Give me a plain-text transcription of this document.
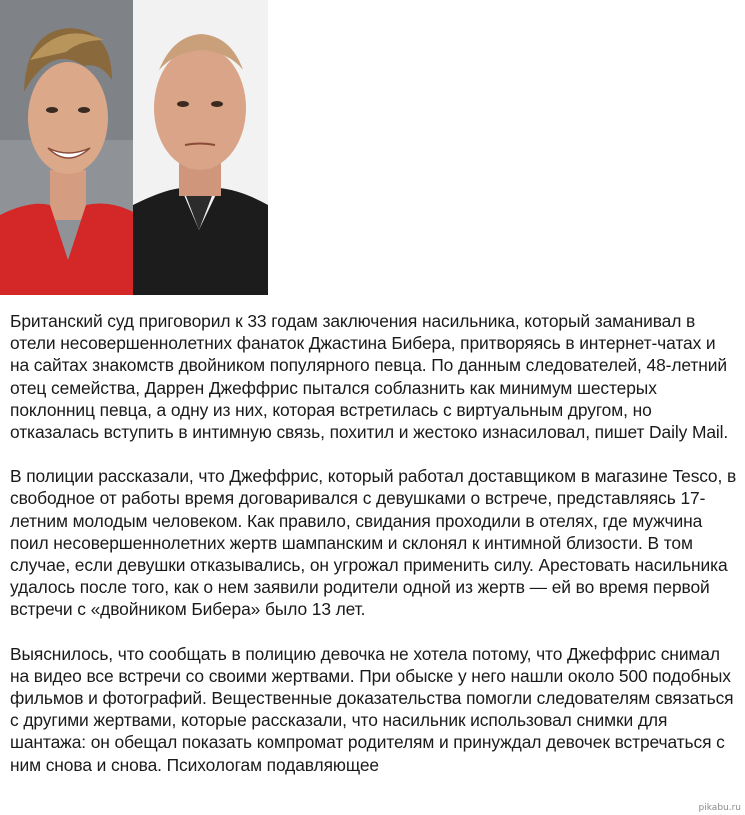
Британский суд приговорил к 33 годам заключения насильника, который заманивал в отели несовершеннолетних фанаток Джастина Бибера, притворяясь в интернет-чатах и на сайтах знакомств двойником популярного певца. По данным следователей, 48-летний отец семейства, Даррен Джеффрис пытался соблазнить как минимум шестерых поклонниц певца, а одну из них, которая встретилась с виртуальным другом, но отказалась вступить в интимную связь, похитил и жестоко изнасиловал, пишет Daily Mail.

В полиции рассказали, что Джеффрис, который работал доставщиком в магазине Tesco, в свободное от работы время договаривался с девушками о встрече, представляясь 17-летним молодым человеком. Как правило, свидания проходили в отелях, где мужчина поил несовершеннолетних жертв шампанским и склонял к интимной близости. В том случае, если девушки отказывались, он угрожал применить силу. Арестовать насильника удалось после того, как о нем заявили родители одной из жертв — ей во время первой встречи с «двойником Бибера» было 13 лет.

Выяснилось, что сообщать в полицию девочка не хотела потому, что Джеффрис снимал на видео все встречи со своими жертвами. При обыске у него нашли около 500 подобных фильмов и фотографий. Вещественные доказательства помогли следователям связаться с другими жертвами, которые рассказали, что насильник использовал снимки для шантажа: он обещал показать компромат родителям и принуждал девочек встречаться с ним снова и снова. Психологам подавляющее

pikabu.ru
